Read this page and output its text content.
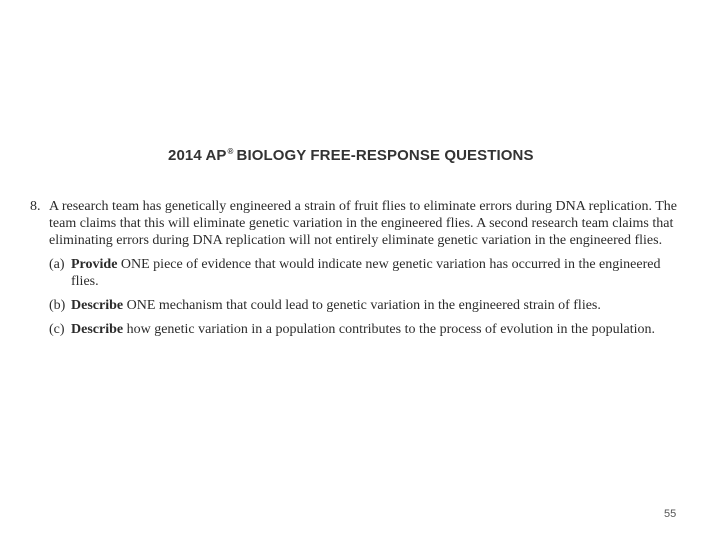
2014 AP® BIOLOGY FREE-RESPONSE QUESTIONS
8. A research team has genetically engineered a strain of fruit flies to eliminate errors during DNA replication. The team claims that this will eliminate genetic variation in the engineered flies. A second research team claims that eliminating errors during DNA replication will not entirely eliminate genetic variation in the engineered flies.
(a) Provide ONE piece of evidence that would indicate new genetic variation has occurred in the engineered flies.
(b) Describe ONE mechanism that could lead to genetic variation in the engineered strain of flies.
(c) Describe how genetic variation in a population contributes to the process of evolution in the population.
55
